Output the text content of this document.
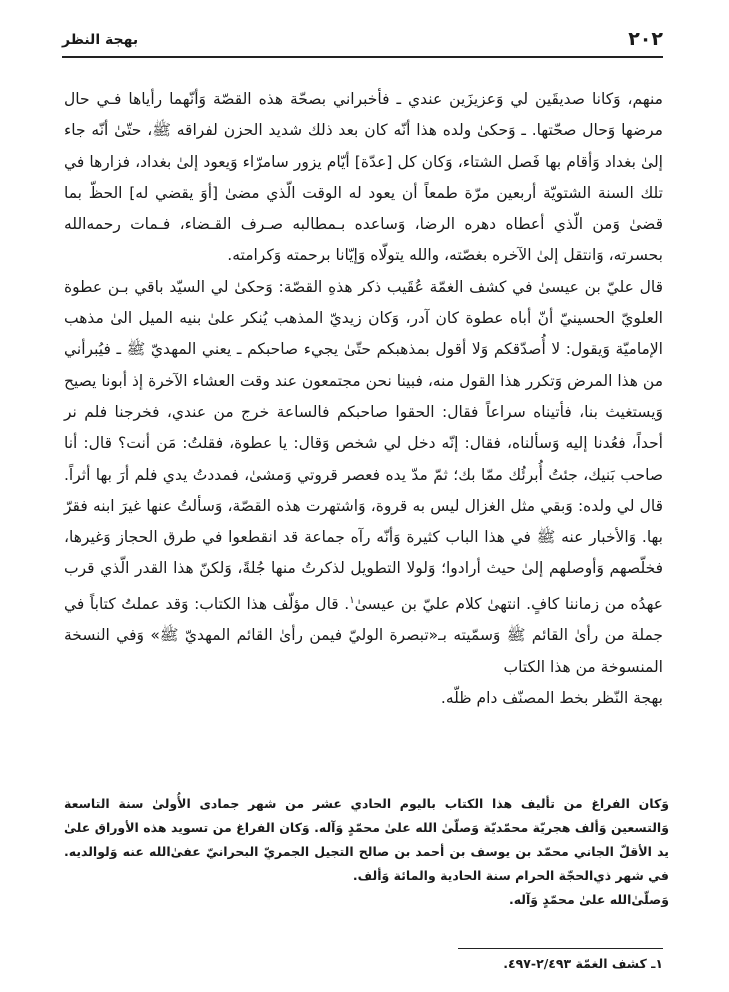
٢٠٢
بهجة النظر

منهم، وَكانا صديقَين لي وَعزيزَين عندي ـ فأخبراني بصحّة هذه القصّة وَأنّهما رأياها فـي حال مرضها وَحال صحّتها. ـ وَحكىٰ ولده هذا أنّه كان بعد ذلك شديد الحزن لفراقه ﷺ، حتّىٰ أنّه جاء إلىٰ بغداد وَأقام بها فَصل الشتاء، وَكان كل [عدّة] أيّام يزور سامرّاء وَيعود إلىٰ بغداد، فزارها في تلك السنة الشتويّة أربعين مرّة طمعاً أن يعود له الوقت الّذي مضىٰ [أوَ يقضي له] الحظّ بما قضىٰ وَمن الّذي أعطاه دهره الرضا، وَساعده بـمطالبه صـرف القـضاء، فـمات رحمه‌الله بحسرته، وَانتقل إلىٰ الآخره بغصّته، والله يتولّاه وَإيّانا برحمته وَكرامته.

قال عليّ بن عيسىٰ في كشف الغمّة عُقَيب ذكر هذهِ القصّة: وَحكىٰ لي السيّد باقي بـن عطوة العلويّ الحسينيّ أنّ أباه عطوة كان آدر، وَكان زيديّ المذهب يُنكر علىٰ بنيه الميل الىٰ مذهب الإماميّة وَيقول: لا أُصدّقكم وَلا أقول بمذهبكم حتّىٰ يجيء صاحبكم ـ يعني المهديّ ﷺ ـ فيُبرأني من هذا المرض وَتكرر هذا القول منه، فبينا نحن مجتمعون عند وقت العشاء الآخرة إذ أبونا يصيح وَيستغيث بنا، فأتيناه سراعاً فقال: الحقوا صاحبكم فالساعة خرج من عندي، فخرجنا فلم نر أحداً، فعُدنا إليه وَسألناه، فقال: إنّه دخل لي شخص وَقال: يا عطوة، فقلتُ: مَن أنت؟ قال: أنا صاحب بَنيك، جئتُ أُبرئُك ممّا بك؛ ثمّ مدّ يده فعصر قروتي وَمشىٰ، فمددتُ يدي فلم أرَ بها أثراً. قال لي ولده: وَبقي مثل الغزال ليس به قروة، وَاشتهرت هذه القصّة، وَسألتُ عنها غيرَ ابنه فقرّ بها. وَالأخبار عنه ﷺ في هذا الباب كثيرة وَأنّه رآه جماعة قد انقطعوا في طرق الحجاز وَغيرها، فخلّصهم وَأوصلهم إلىٰ حيث أرادوا؛ وَلولا التطويل لذكرتُ منها جُلةً، وَلكنّ هذا القدر الّذي قرب عهدُه من زماننا كافٍ. انتهىٰ كلام عليّ بن عيسىٰ$^١$. قال مؤلّف هذا الكتاب: وَقد عملتُ كتاباً في جملة من رأىٰ القائم ﷺ وَسمّيته بـ«تبصرة الوليّ فيمن رأىٰ القائم المهديّ ﷺ» وَفي النسخة المنسوخة من هذا الكتاب

بهجة النّظر بخط المصنّف دام ظلّه.

وَكان الفراغ من تأليف هذا الكتاب باليوم الحادي عشر من شهر جمادى الأُولىٰ سنة التاسعة وَالتسعين وَألف هجريّة محمّديّة وَصلّىٰ الله علىٰ محمّدٍ وَآله. وَكان الفراغ من تسويد هذه الأوراق علىٰ يد الأقلّ الجاني محمّد بن يوسف بن أحمد بن صالح التجيل الجمريّ البحرانيّ عفىٰ‌الله عنه وَلوالديه. في شهر ذي‌الحجّة الحرام سنة الحادية والمائة وَألف.

وَصلّىٰ‌الله علىٰ محمّدٍ وَآله.

١ـ كشف الغمّة ٢/٤٩٣-٤٩٧.
